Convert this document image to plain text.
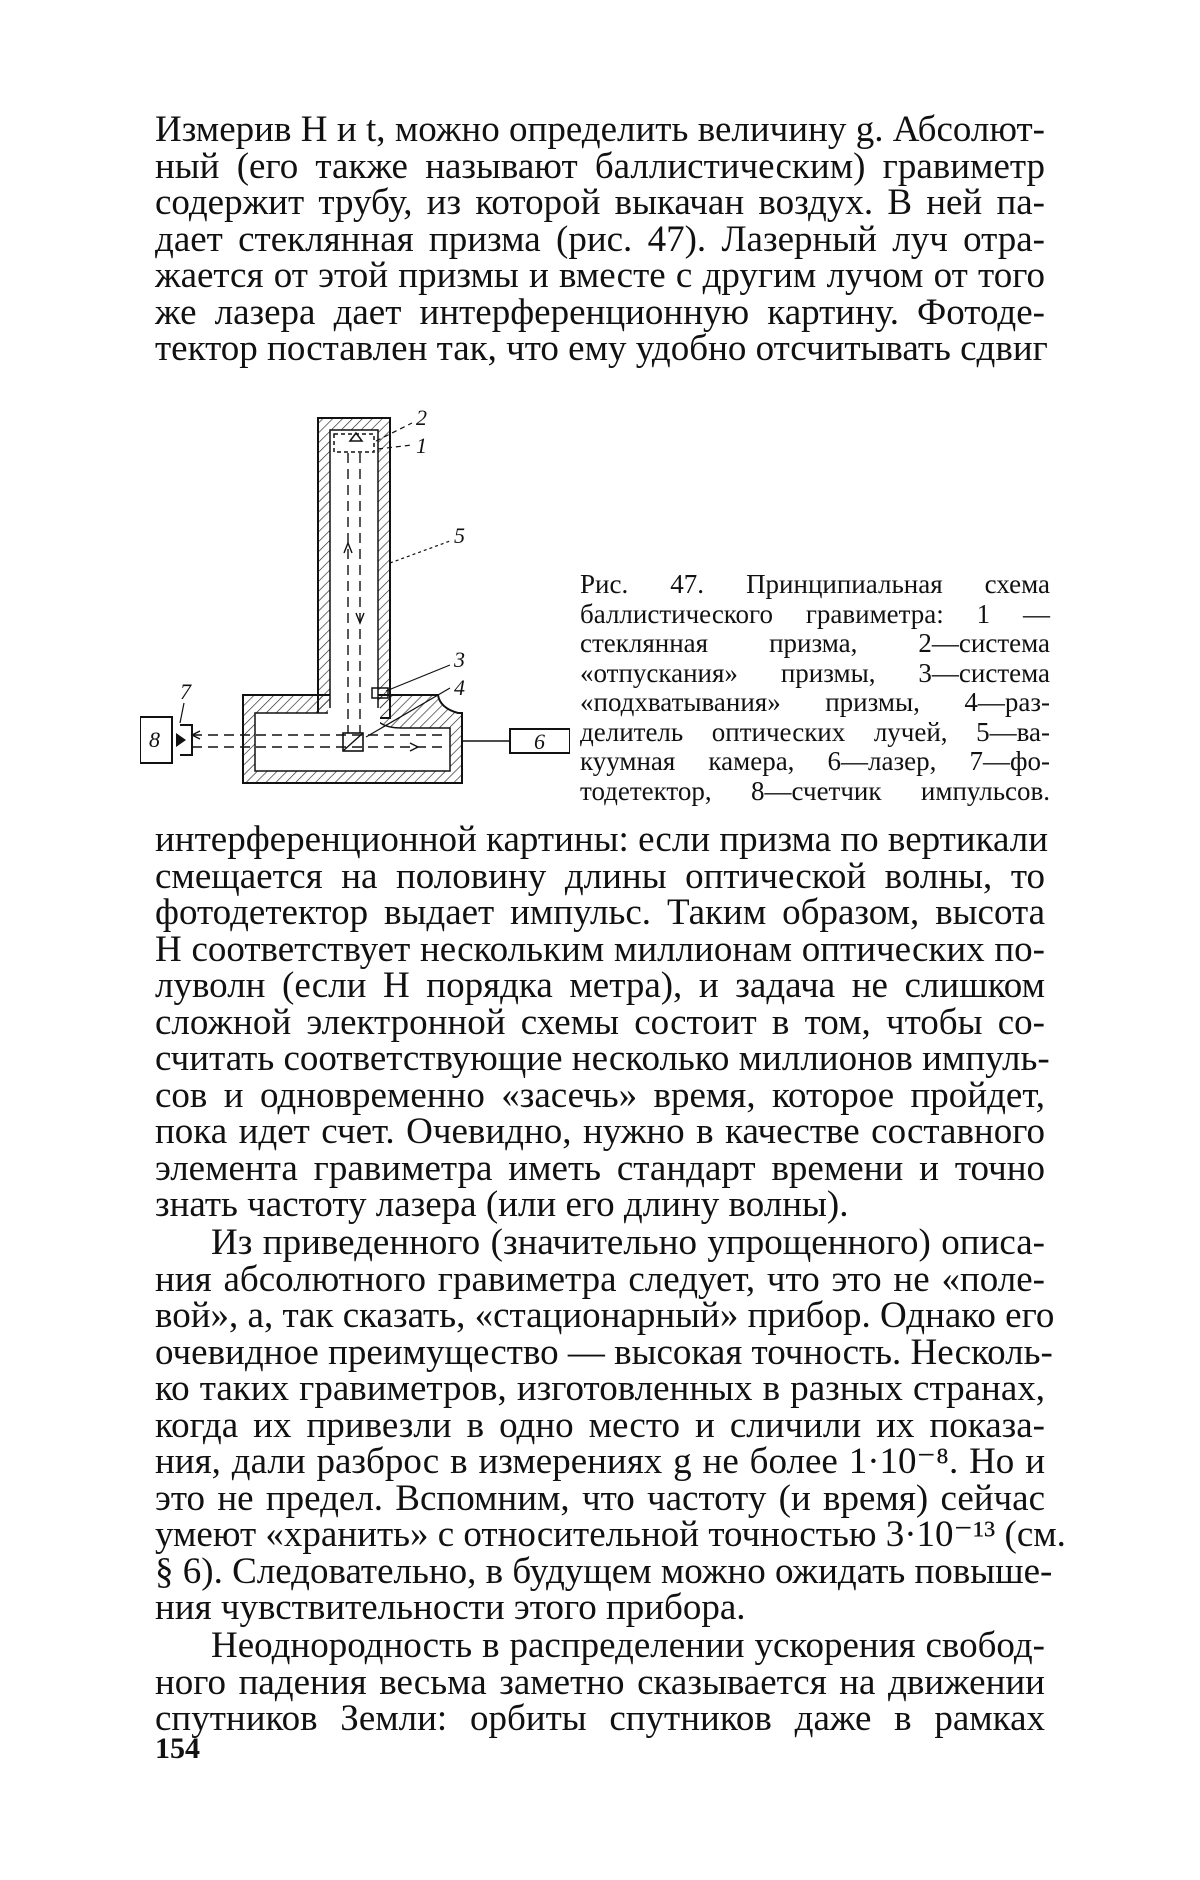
Измерив H и t, можно определить величину g. Абсолют-
ный (его также называют баллистическим) гравиметр
содержит трубу, из которой выкачан воздух. В ней па-
дает стеклянная призма (рис. 47). Лазерный луч отра-
жается от этой призмы и вместе с другим лучом от того
же лазера дает интерференционную картину. Фотоде-
тектор поставлен так, что ему удобно отсчитывать сдвиг
6
7
8
2
1
5
3
4
Рис. 47. Принципиальная схема
баллистического гравиметра: 1 —
стеклянная призма, 2—система
«отпускания» призмы, 3—система
«подхватывания» призмы, 4—раз-
делитель оптических лучей, 5—ва-
куумная камера, 6—лазер, 7—фо-
тодетектор, 8—счетчик импульсов.
интерференционной картины: если призма по вертикали
смещается на половину длины оптической волны, то
фотодетектор выдает импульс. Таким образом, высота
H соответствует нескольким миллионам оптических по-
луволн (если H порядка метра), и задача не слишком
сложной электронной схемы состоит в том, чтобы со-
считать соответствующие несколько миллионов импуль-
сов и одновременно «засечь» время, которое пройдет,
пока идет счет. Очевидно, нужно в качестве составного
элемента гравиметра иметь стандарт времени и точно
знать частоту лазера (или его длину волны).
Из приведенного (значительно упрощенного) описа-
ния абсолютного гравиметра следует, что это не «поле-
вой», а, так сказать, «стационарный» прибор. Однако его
очевидное преимущество — высокая точность. Несколь-
ко таких гравиметров, изготовленных в разных странах,
когда их привезли в одно место и сличили их показа-
ния, дали разброс в измерениях g не более 1·10⁻⁸. Но и
это не предел. Вспомним, что частоту (и время) сейчас
умеют «хранить» с относительной точностью 3·10⁻¹³ (см.
§ 6). Следовательно, в будущем можно ожидать повыше-
ния чувствительности этого прибора.
Неоднородность в распределении ускорения свобод-
ного падения весьма заметно сказывается на движении
спутников Земли: орбиты спутников даже в рамках
154
